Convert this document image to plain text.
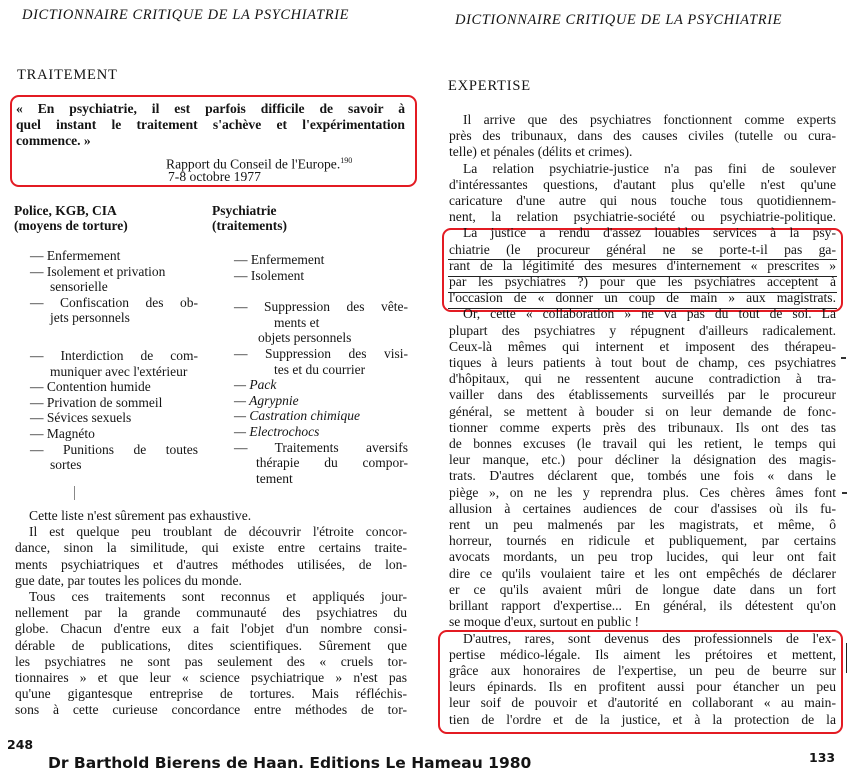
DICTIONNAIRE CRITIQUE DE LA PSYCHIATRIE
TRAITEMENT
« En psychiatrie, il est parfois difficile de savoir à
quel instant le traitement s'achève et l'expérimentation
commence. »
Rapport du Conseil de l'Europe.$^{190}$
7-8 octobre 1977
Police, KGB, CIA
(moyens de torture)
Psychiatrie
(traitements)
— Enfermement
— Isolement et privation
sensorielle
— Confiscation des ob-
jets personnels
— Interdiction de com-
muniquer avec l'extérieur
— Contention humide
— Privation de sommeil
— Sévices sexuels
— Magnéto
— Punitions de toutes
sortes
— Enfermement
— Isolement
— Suppression des vête-
ments et
objets personnels
— Suppression des visi-
tes et du courrier
— Pack
— Agrypnie
— Castration chimique
— Electrochocs
— Traitements aversifs
thérapie du compor-
tement
Cette liste n'est sûrement pas exhaustive.
Il est quelque peu troublant de découvrir l'étroite concor-
dance, sinon la similitude, qui existe entre certains traite-
ments psychiatriques et d'autres méthodes utilisées, de lon-
gue date, par toutes les polices du monde.
Tous ces traitements sont reconnus et appliqués jour-
nellement par la grande communauté des psychiatres du
globe. Chacun d'entre eux a fait l'objet d'un nombre consi-
dérable de publications, dites scientifiques. Sûrement que
les psychiatres ne sont pas seulement des « cruels tor-
tionnaires » et que leur « science psychiatrique » n'est pas
qu'une gigantesque entreprise de tortures. Mais réfléchis-
sons à cette curieuse concordance entre méthodes de tor-
248
DICTIONNAIRE CRITIQUE DE LA PSYCHIATRIE
EXPERTISE
Il arrive que des psychiatres fonctionnent comme experts
près des tribunaux, dans des causes civiles (tutelle ou cura-
telle) et pénales (délits et crimes).
La relation psychiatrie-justice n'a pas fini de soulever
d'intéressantes questions, d'autant plus qu'elle n'est qu'une
caricature d'une autre qui nous touche tous quotidiennem-
nent, la relation psychiatrie-société ou psychiatrie-politique.
La justice a rendu d'assez louables services à la psy-
chiatrie (le procureur général ne se porte-t-il pas ga-
rant de la légitimité des mesures d'internement « prescrites »
par les psychiatres ?) pour que les psychiatres acceptent à
l'occasion de « donner un coup de main » aux magistrats.
Or, cette « collaboration » ne va pas du tout de soi. La
plupart des psychiatres y répugnent d'ailleurs radicalement.
Ceux-là mêmes qui internent et imposent des thérapeu-
tiques à leurs patients à tout bout de champ, ces psychiatres
d'hôpitaux, qui ne ressentent aucune contradiction à tra-
vailler dans des établissements surveillés par le procureur
général, se mettent à bouder si on leur demande de fonc-
tionner comme experts près des tribunaux. Ils ont des tas
de bonnes excuses (le travail qui les retient, le temps qui
leur manque, etc.) pour décliner la désignation des magis-
trats. D'autres déclarent que, tombés une fois « dans le
piège », on ne les y reprendra plus. Ces chères âmes font
allusion à certaines audiences de cour d'assises où ils fu-
rent un peu malmenés par les magistrats, et même, ô
horreur, tournés en ridicule et publiquement, par certains
avocats mordants, un peu trop lucides, qui leur ont fait
dire ce qu'ils voulaient taire et les ont empêchés de déclarer
er ce qu'ils avaient mûri de longue date dans un fort
brillant rapport d'expertise... En général, ils détestent qu'on
se moque d'eux, surtout en public !
D'autres, rares, sont devenus des professionnels de l'ex-
pertise médico-légale. Ils aiment les prétoires et mettent,
grâce aux honoraires de l'expertise, un peu de beurre sur
leurs épinards. Ils en profitent aussi pour étancher un peu
leur soif de pouvoir et d'autorité en collaborant « au main-
tien de l'ordre et de la justice, et à la protection de la
133
Dr Barthold Bierens de Haan. Editions Le Hameau 1980
